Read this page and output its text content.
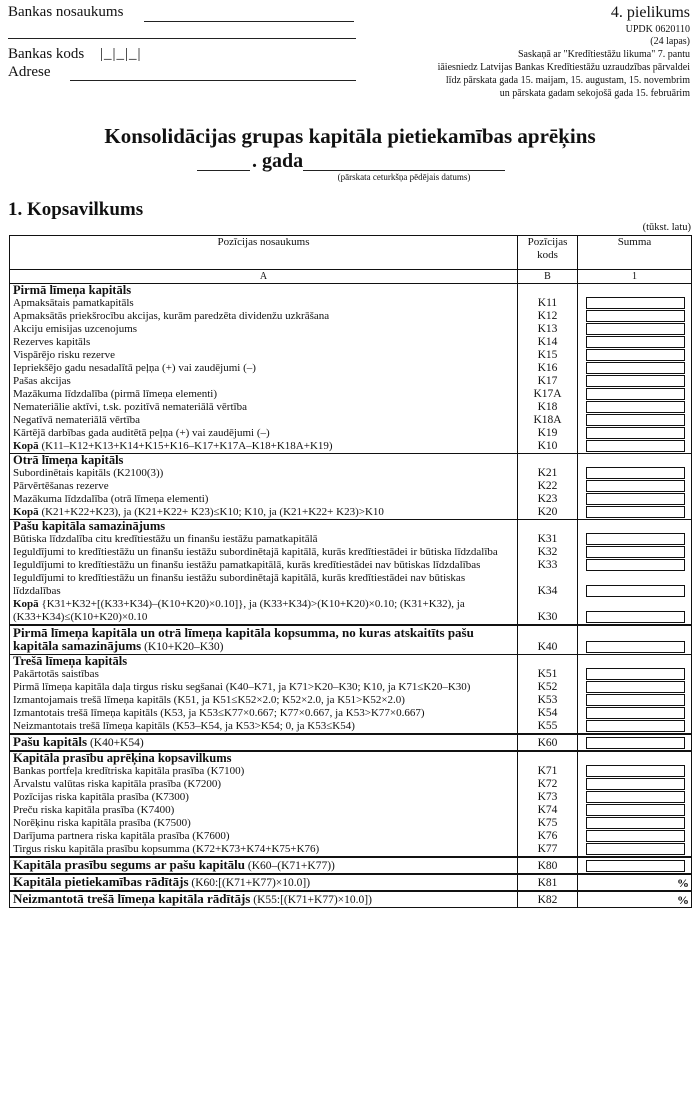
Bankas nosaukums
Bankas kods |_|_|_|
Adrese
4. pielikums
UPDK 0620110
(24 lapas)
Saskaņā ar "Kredītiestāžu likuma" 7. pantu
iāiesniedz Latvijas Bankas Kredītiestāžu uzraudzības pārvaldei
līdz pārskata gada 15. maijam, 15. augustam, 15. novembrim
un pārskata gadam sekojošā gada 15. februārim
Konsolidācijas grupas kapitāla pietiekamības aprēķins
. gada
(pārskata ceturkšņa pēdējais datums)
1. Kopsavilkums
(tūkst. latu)
Pozīcijas nosaukums	Pozīcijas kods	Summa
A	B	1
Pirmā līmeņa kapitāls		
Apmaksātais pamatkapitāls	K11	

Apmaksātās priekšrocību akcijas, kurām paredzēta dividenžu uzkrāšana	K12	

Akciju emisijas uzcenojums	K13	

Rezerves kapitāls	K14	

Vispārējo risku rezerve	K15	

Iepriekšējo gadu nesadalītā peļņa (+) vai zaudējumi (–)	K16	

Pašas akcijas	K17	

Mazākuma līdzdalība (pirmā līmeņa elementi)	K17A	

Nemateriālie aktīvi, t.sk. pozitīvā nemateriālā vērtība	K18	

Negatīvā nemateriālā vērtība	K18A	

Kārtējā darbības gada auditētā peļņa (+) vai zaudējumi (–)	K19	

Kopā (K11–K12+K13+K14+K15+K16–K17+K17A–K18+K18A+K19)	K10	

Otrā līmeņa kapitāls		
Subordinētais kapitāls (K2100(3))	K21	

Pārvērtēšanas rezerve	K22	

Mazākuma līdzdalība (otrā līmeņa elementi)	K23	

Kopā (K21+K22+K23), ja (K21+K22+ K23)≤K10; K10, ja (K21+K22+ K23)>K10	K20	

Pašu kapitāla samazinājums		
Būtiska līdzdalība citu kredītiestāžu un finanšu iestāžu pamatkapitālā	K31	

Ieguldījumi to kredītiestāžu un finanšu iestāžu subordinētajā kapitālā, kurās kredītiestādei ir būtiska līdzdalība	K32	

Ieguldījumi to kredītiestāžu un finanšu iestāžu pamatkapitālā, kurās kredītiestādei nav būtiskas līdzdalības	K33	

Ieguldījumi to kredītiestāžu un finanšu iestāžu subordinētajā kapitālā, kurās kredītiestādei nav būtiskas līdzdalības	K34	

Kopā {K31+K32+[(K33+K34)–(K10+K20)×0.10]}, ja (K33+K34)>(K10+K20)×0.10; (K31+K32), ja (K33+K34)≤(K10+K20)×0.10	K30	

Pirmā līmeņa kapitāla un otrā līmeņa kapitāla kopsumma, no kuras atskaitīts pašu kapitāla samazinājums (K10+K20–K30)	K40	

Trešā līmeņa kapitāls		
Pakārtotās saistības	K51	

Pirmā līmeņa kapitāla daļa tirgus risku segšanai (K40–K71, ja K71>K20–K30; K10, ja K71≤K20–K30)	K52	

Izmantojamais trešā līmeņa kapitāls (K51, ja K51≤K52×2.0; K52×2.0, ja K51>K52×2.0)	K53	

Izmantotais trešā līmeņa kapitāls (K53, ja K53≤K77×0.667; K77×0.667, ja K53>K77×0.667)	K54	

Neizmantotais trešā līmeņa kapitāls (K53–K54, ja K53>K54; 0, ja K53≤K54)	K55	

Pašu kapitāls (K40+K54)	K60	

Kapitāla prasību aprēķina kopsavilkums		
Bankas portfeļa kredītriska kapitāla prasība (K7100)	K71	

Ārvalstu valūtas riska kapitāla prasība (K7200)	K72	

Pozīcijas riska kapitāla prasība (K7300)	K73	

Preču riska kapitāla prasība (K7400)	K74	

Norēķinu riska kapitāla prasība (K7500)	K75	

Darījuma partnera riska kapitāla prasība (K7600)	K76	

Tirgus risku kapitāla prasību kopsumma (K72+K73+K74+K75+K76)	K77	

Kapitāla prasību segums ar pašu kapitālu (K60–(K71+K77))	K80	

Kapitāla pietiekamības rādītājs (K60:[(K71+K77)×10.0])	K81	%

Neizmantotā trešā līmeņa kapitāla rādītājs (K55:[(K71+K77)×10.0])	K82	%
